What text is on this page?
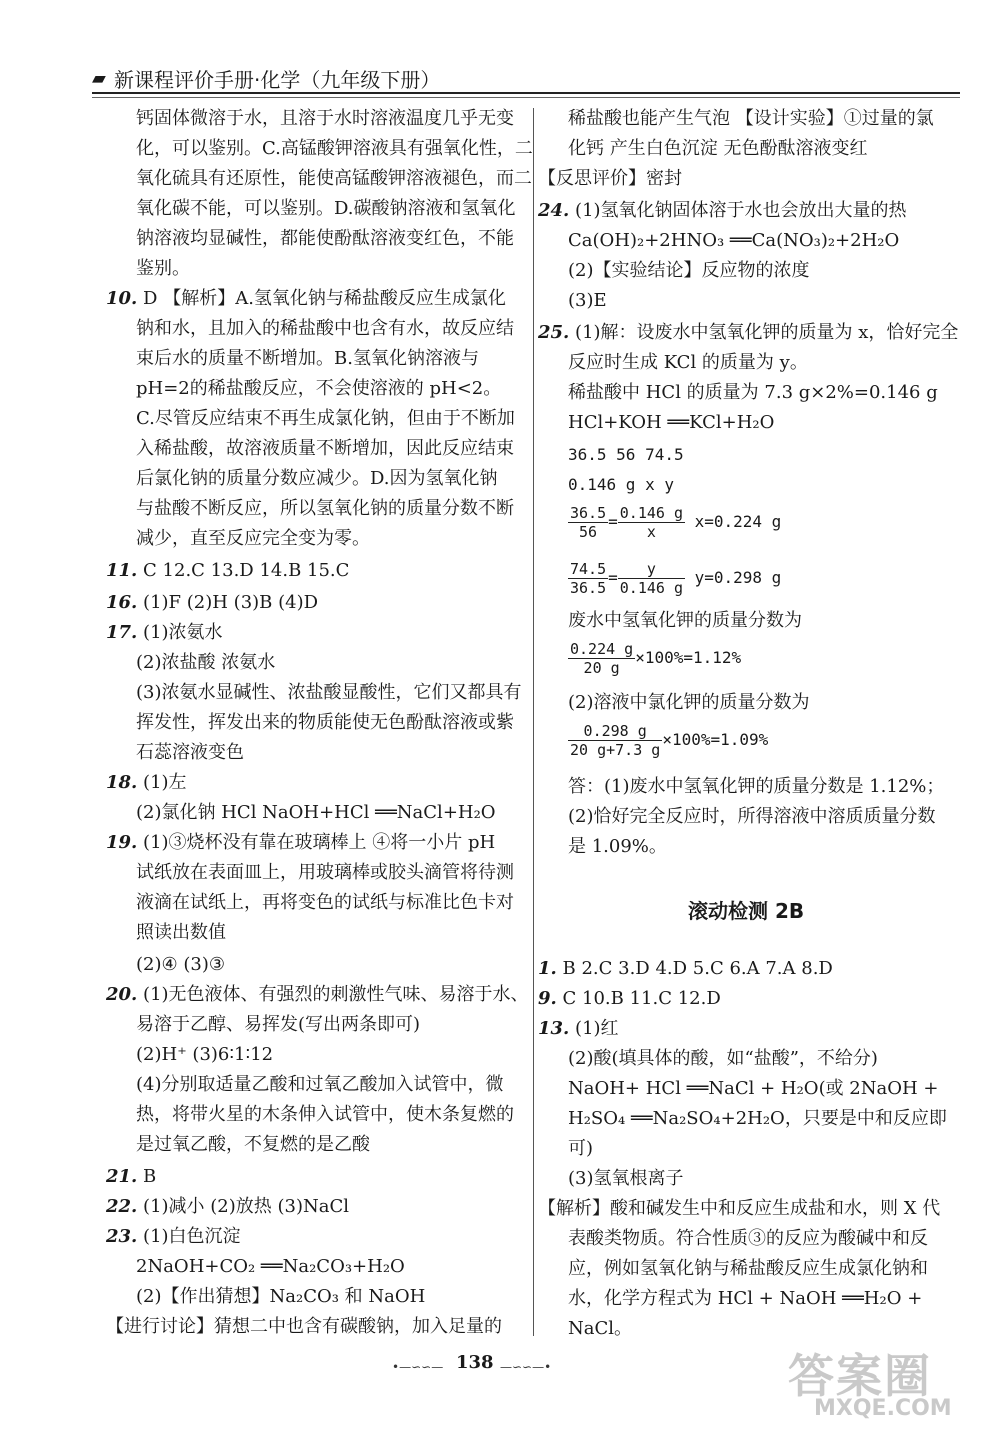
▰ 新课程评价手册·化学（九年级下册）
钙固体微溶于水，且溶于水时溶液温度几乎无变
化，可以鉴别。C.高锰酸钾溶液具有强氧化性，二
氧化硫具有还原性，能使高锰酸钾溶液褪色，而二
氧化碳不能，可以鉴别。D.碳酸钠溶液和氢氧化
钠溶液均显碱性，都能使酚酞溶液变红色，不能
鉴别。
10. D 【解析】A.氢氧化钠与稀盐酸反应生成氯化
钠和水，且加入的稀盐酸中也含有水，故反应结
束后水的质量不断增加。B.氢氧化钠溶液与
pH=2的稀盐酸反应，不会使溶液的 pH<2。
C.尽管反应结束不再生成氯化钠，但由于不断加
入稀盐酸，故溶液质量不断增加，因此反应结束
后氯化钠的质量分数应减少。D.因为氢氧化钠
与盐酸不断反应，所以氢氧化钠的质量分数不断
减少，直至反应完全变为零。
11. C 12.C 13.D 14.B 15.C
16. (1)F (2)H (3)B (4)D
17. (1)浓氨水
(2)浓盐酸 浓氨水
(3)浓氨水显碱性、浓盐酸显酸性，它们又都具有
挥发性，挥发出来的物质能使无色酚酞溶液或紫
石蕊溶液变色
18. (1)左
(2)氯化钠 HCl NaOH+HCl ══NaCl+H₂O
19. (1)③烧杯没有靠在玻璃棒上 ④将一小片 pH
试纸放在表面皿上，用玻璃棒或胶头滴管将待测
液滴在试纸上，再将变色的试纸与标准比色卡对
照读出数值
(2)④ (3)③
20. (1)无色液体、有强烈的刺激性气味、易溶于水、
易溶于乙醇、易挥发(写出两条即可)
(2)H⁺ (3)6∶1∶12
(4)分别取适量乙酸和过氧乙酸加入试管中，微
热，将带火星的木条伸入试管中，使木条复燃的
是过氧乙酸，不复燃的是乙酸
21. B
22. (1)减小 (2)放热 (3)NaCl
23. (1)白色沉淀
2NaOH+CO₂ ══Na₂CO₃+H₂O
(2)【作出猜想】Na₂CO₃ 和 NaOH
【进行讨论】猜想二中也含有碳酸钠，加入足量的
稀盐酸也能产生气泡 【设计实验】①过量的氯
化钙 产生白色沉淀 无色酚酞溶液变红
【反思评价】密封
24. (1)氢氧化钠固体溶于水也会放出大量的热
Ca(OH)₂+2HNO₃ ══Ca(NO₃)₂+2H₂O
(2)【实验结论】反应物的浓度
(3)E
25. (1)解：设废水中氢氧化钾的质量为 x，恰好完全
反应时生成 KCl 的质量为 y。
稀盐酸中 HCl 的质量为 7.3 g×2%=0.146 g
HCl+KOH ══KCl+H₂O
36.5 56 74.5
0.146 g x y
答：(1)废水中氢氧化钾的质量分数是 1.12%；
(2)恰好完全反应时，所得溶液中溶质质量分数
是 1.09%。
1. B 2.C 3.D 4.D 5.C 6.A 7.A 8.D
9. C 10.B 11.C 12.D
13. (1)红
(2)酸(填具体的酸，如“盐酸”，不给分)
NaOH+ HCl ══NaCl + H₂O(或 2NaOH +
H₂SO₄ ══Na₂SO₄+2H₂O，只要是中和反应即
可)
(3)氢氧根离子
【解析】酸和碱发生中和反应生成盐和水，则 X 代
表酸类物质。符合性质③的反应为酸碱中和反
应，例如氢氧化钠与稀盐酸反应生成氯化钠和
水，化学方程式为 HCl + NaOH ══H₂O +
NaCl。
$\frac{36.5}{56} = \frac{0.146 g}{x} x=0.224$ g
$\frac{74.5}{36.5} = \frac{y}{0.146 g} y=0.298$ g
废水中氢氧化钾的质量分数为
$\frac{0.224 g}{20 g} \times 100\%=1.12\%$
(2)溶液中氯化钾的质量分数为
$\frac{0.298 g}{20 g+7.3 g} \times 100\%=1.09\%$
滚动检测 2B
•—∽∽— 138 —∽∽—•	答案圈
MXQE.COM
